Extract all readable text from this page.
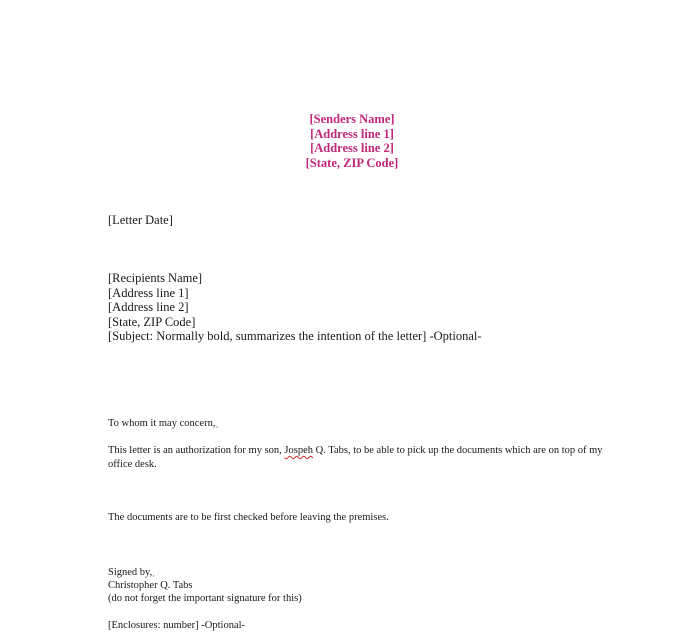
[Senders Name]
[Address line 1]
[Address line 2]
[State, ZIP Code]
[Letter Date]
[Recipients Name]
[Address line 1]
[Address line 2]
[State, ZIP Code]
[Subject: Normally bold, summarizes the intention of the letter] -Optional-
To whom it may concern,¸
This letter is an authorization for my son, Jospeh Q. Tabs, to be able to pick up the documents which are on top of my office desk.
The documents are to be first checked before leaving the premises.
Signed by,¸
Christopher Q. Tabs
(do not forget the important signature for this)
[Enclosures: number] -Optional-
